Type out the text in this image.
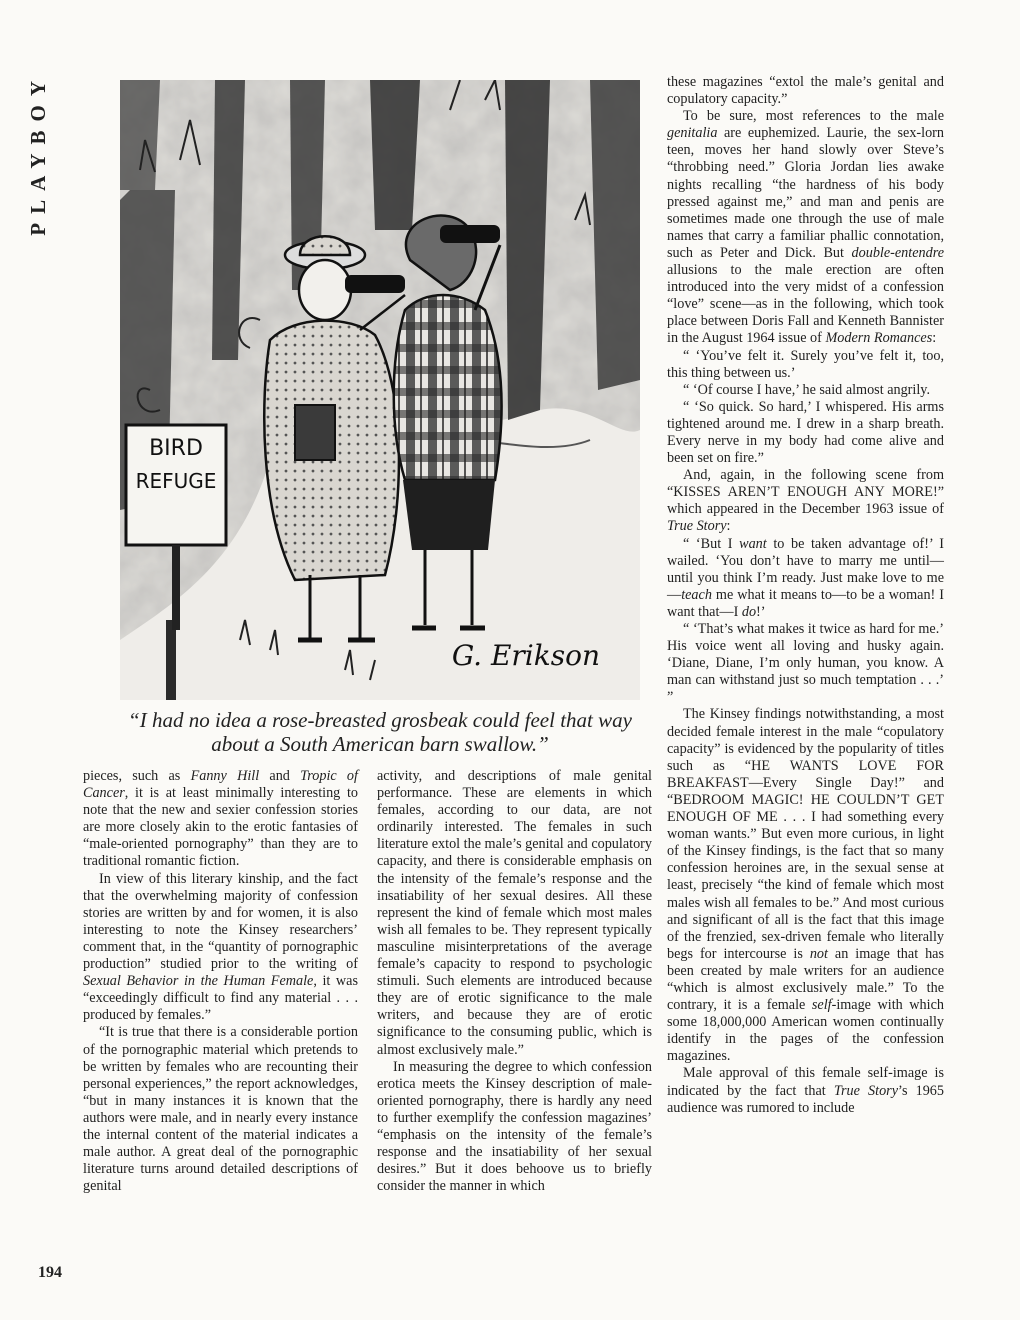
PLAYBOY
BIRD
REFUGE
G. Erikson
“I had no idea a rose-breasted grosbeak could feel that way about a South American barn swallow.”

pieces, such as Fanny Hill and Tropic of Cancer, it is at least minimally interesting to note that the new and sexier confession stories are more closely akin to the erotic fantasies of “male-oriented pornography” than they are to traditional romantic fiction.

In view of this literary kinship, and the fact that the overwhelming majority of confession stories are written by and for women, it is also interesting to note the Kinsey researchers’ comment that, in the “quantity of pornographic production” studied prior to the writing of Sexual Behavior in the Human Female, it was “exceedingly difficult to find any material . . . produced by females.”

“It is true that there is a considerable portion of the pornographic material which pretends to be written by females who are recounting their personal experiences,” the report acknowledges, “but in many instances it is known that the authors were male, and in nearly every instance the internal content of the material indicates a male author. A great deal of the pornographic literature turns around detailed descriptions of genital

activity, and descriptions of male genital performance. These are elements in which females, according to our data, are not ordinarily interested. The females in such literature extol the male’s genital and copulatory capacity, and there is considerable emphasis on the intensity of the female’s response and the insatiability of her sexual desires. All these represent the kind of female which most males wish all females to be. They represent typically masculine misinterpretations of the average female’s capacity to respond to psychologic stimuli. Such elements are introduced because they are of erotic significance to the male writers, and because they are of erotic significance to the consuming public, which is almost exclusively male.”

In measuring the degree to which confession erotica meets the Kinsey description of male-oriented pornography, there is hardly any need to further exemplify the confession magazines’ “emphasis on the intensity of the female’s response and the insatiability of her sexual desires.” But it does behoove us to briefly consider the manner in which

these magazines “extol the male’s genital and copulatory capacity.”

To be sure, most references to the male genitalia are euphemized. Laurie, the sex-lorn teen, moves her hand slowly over Steve’s “throbbing need.” Gloria Jordan lies awake nights recalling “the hardness of his body pressed against me,” and man and penis are sometimes made one through the use of male names that carry a familiar phallic connotation, such as Peter and Dick. But double-entendre allusions to the male erection are often introduced into the very midst of a confession “love” scene—as in the following, which took place between Doris Fall and Kenneth Bannister in the August 1964 issue of Modern Romances:

“ ‘You’ve felt it. Surely you’ve felt it, too, this thing between us.’

“ ‘Of course I have,’ he said almost angrily.

“ ‘So quick. So hard,’ I whispered. His arms tightened around me. I drew in a sharp breath. Every nerve in my body had come alive and been set on fire.”

And, again, in the following scene from “KISSES AREN’T ENOUGH ANY MORE!” which appeared in the December 1963 issue of True Story:

“ ‘But I want to be taken advantage of!’ I wailed. ‘You don’t have to marry me until—until you think I’m ready. Just make love to me—teach me what it means to—to be a woman! I want that—I do!’

“ ‘That’s what makes it twice as hard for me.’ His voice went all loving and husky again. ‘Diane, Diane, I’m only human, you know. A man can withstand just so much temptation . . .’ ”

The Kinsey findings notwithstanding, a most decided female interest in the male “copulatory capacity” is evidenced by the popularity of titles such as “HE WANTS LOVE FOR BREAKFAST—Every Single Day!” and “BEDROOM MAGIC! HE COULDN’T GET ENOUGH OF ME . . . I had something every woman wants.” But even more curious, in light of the Kinsey findings, is the fact that so many confession heroines are, in the sexual sense at least, precisely “the kind of female which most males wish all females to be.” And most curious and significant of all is the fact that this image of the frenzied, sex-driven female who literally begs for intercourse is not an image that has been created by male writers for an audience “which is almost exclusively male.” To the contrary, it is a female self-image with which some 18,000,000 American women continually identify in the pages of the confession magazines.

Male approval of this female self-image is indicated by the fact that True Story’s 1965 audience was rumored to include

194
